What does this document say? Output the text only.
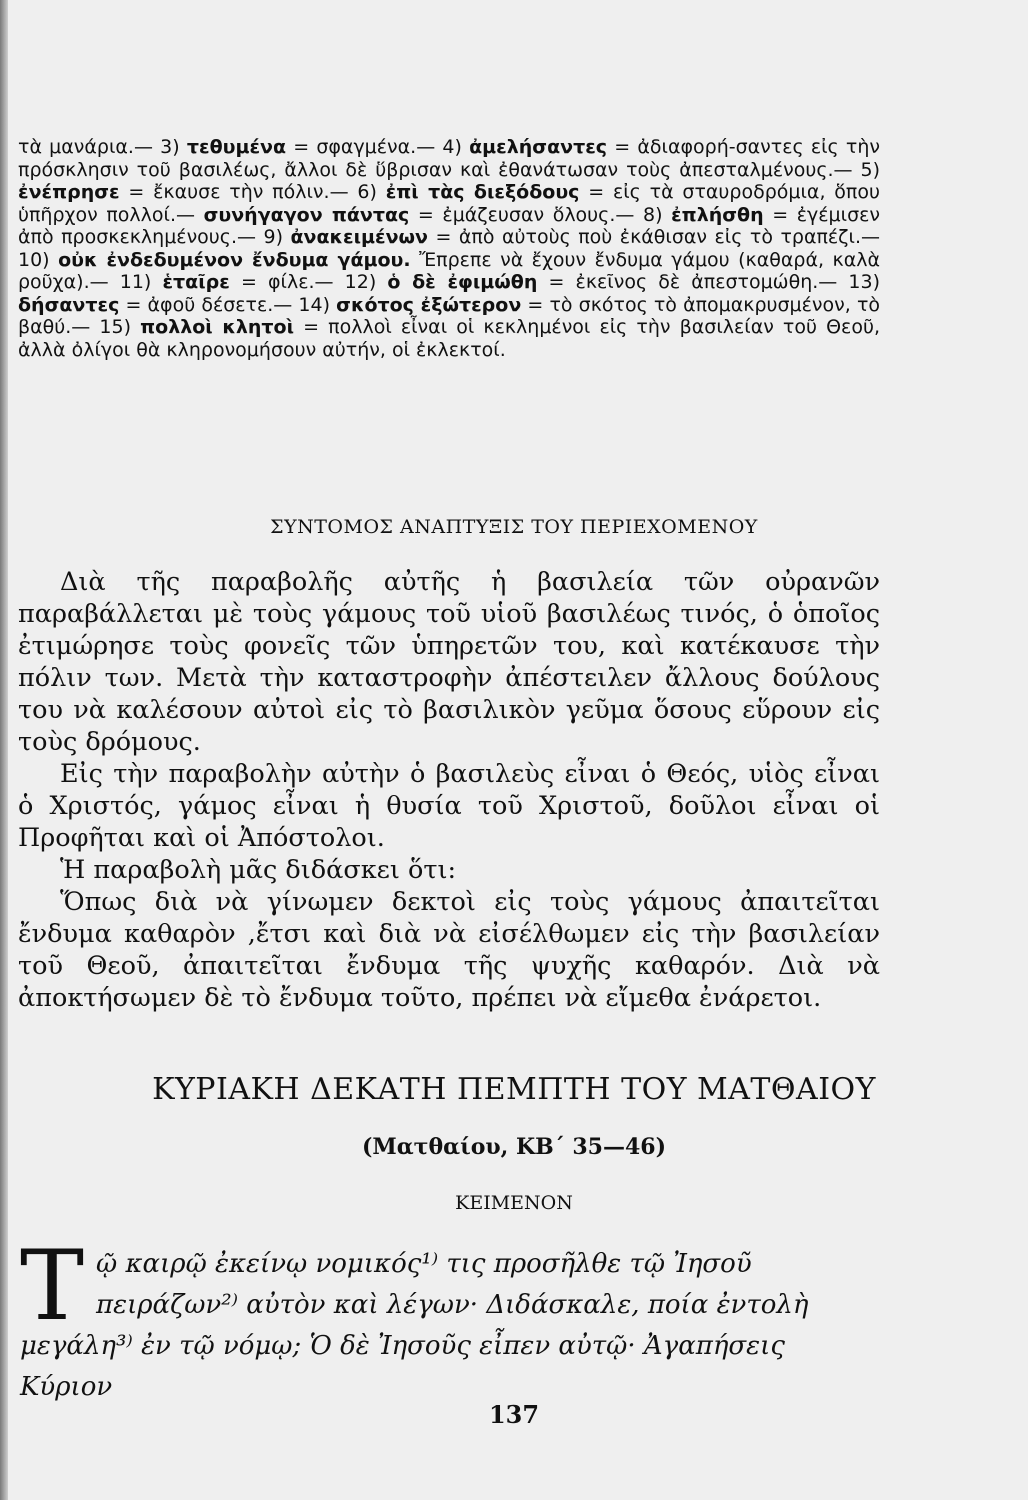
τὰ μανάρια.— 3) τεθυμένα = σφαγμένα.— 4) ἀμελήσαντες = ἀδιαφορή-σαντες εἰς τὴν πρόσκλησιν τοῦ βασιλέως, ἄλλοι δὲ ὕβρισαν καὶ ἐθανάτωσαν τοὺς ἀπεσταλμένους.— 5) ἐνέπρησε = ἔκαυσε τὴν πόλιν.— 6) ἐπὶ τὰς διεξόδους = εἰς τὰ σταυροδρόμια, ὅπου ὑπῆρχον πολλοί.— συνήγαγον πάντας = ἐμάζευσαν ὅλους.— 8) ἐπλήσθη = ἐγέμισεν ἀπὸ προσκεκλημένους.— 9) ἀνακειμένων = ἀπὸ αὐτοὺς ποὺ ἐκάθισαν εἰς τὸ τραπέζι.— 10) οὐκ ἐνδεδυμένον ἔνδυμα γάμου. Ἔπρεπε νὰ ἔχουν ἔνδυμα γάμου (καθαρά, καλὰ ροῦχα).— 11) ἑταῖρε = φίλε.— 12) ὁ δὲ ἐφιμώθη = ἐκεῖνος δὲ ἀπεστομώθη.— 13) δήσαντες = ἀφοῦ δέσετε.— 14) σκότος ἐξώτερον = τὸ σκότος τὸ ἀπομακρυσμένον, τὸ βαθύ.— 15) πολλοὶ κλητοὶ = πολλοὶ εἶναι οἱ κεκλημένοι εἰς τὴν βασιλείαν τοῦ Θεοῦ, ἀλλὰ ὀλίγοι θὰ κληρονομήσουν αὐτήν, οἱ ἐκλεκτοί.
ΣΥΝΤΟΜΟΣ ΑΝΑΠΤΥΞΙΣ ΤΟΥ ΠΕΡΙΕΧΟΜΕΝΟΥ

Διὰ τῆς παραβολῆς αὐτῆς ἡ βασιλεία τῶν οὐρανῶν παραβάλλεται μὲ τοὺς γάμους τοῦ υἱοῦ βασιλέως τινός, ὁ ὁποῖος ἐτιμώρησε τοὺς φονεῖς τῶν ὑπηρετῶν του, καὶ κατέκαυσε τὴν πόλιν των. Μετὰ τὴν καταστροφὴν ἀπέστειλεν ἄλλους δούλους του νὰ καλέσουν αὐτοὶ εἰς τὸ βασιλικὸν γεῦμα ὅσους εὕρουν εἰς τοὺς δρόμους.

Εἰς τὴν παραβολὴν αὐτὴν ὁ βασιλεὺς εἶναι ὁ Θεός, υἱὸς εἶναι ὁ Χριστός, γάμος εἶναι ἡ θυσία τοῦ Χριστοῦ, δοῦλοι εἶναι οἱ Προφῆται καὶ οἱ Ἀπόστολοι.

Ἡ παραβολὴ μᾶς διδάσκει ὅτι:

Ὅπως διὰ νὰ γίνωμεν δεκτοὶ εἰς τοὺς γάμους ἀπαιτεῖται ἔνδυμα καθαρὸν ,ἔτσι καὶ διὰ νὰ εἰσέλθωμεν εἰς τὴν βασιλείαν τοῦ Θεοῦ, ἀπαιτεῖται ἔνδυμα τῆς ψυχῆς καθαρόν. Διὰ νὰ ἀποκτήσωμεν δὲ τὸ ἔνδυμα τοῦτο, πρέπει νὰ εἴμεθα ἐνάρετοι.

ΚΥΡΙΑΚΗ ΔΕΚΑΤΗ ΠΕΜΠΤΗ ΤΟΥ ΜΑΤΘΑΙΟΥ
(Ματθαίου, ΚΒ΄ 35—46)
ΚΕΙΜΕΝΟΝ
Τῷ καιρῷ ἐκείνῳ νομικός¹⁾ τις προσῆλθε τῷ Ἰησοῦ πειράζων²⁾ αὐτὸν καὶ λέγων· Διδάσκαλε, ποία ἐντολὴ μεγάλη³⁾ ἐν τῷ νόμῳ; Ὁ δὲ Ἰησοῦς εἶπεν αὐτῷ· Ἀγαπήσεις Κύριον
137
